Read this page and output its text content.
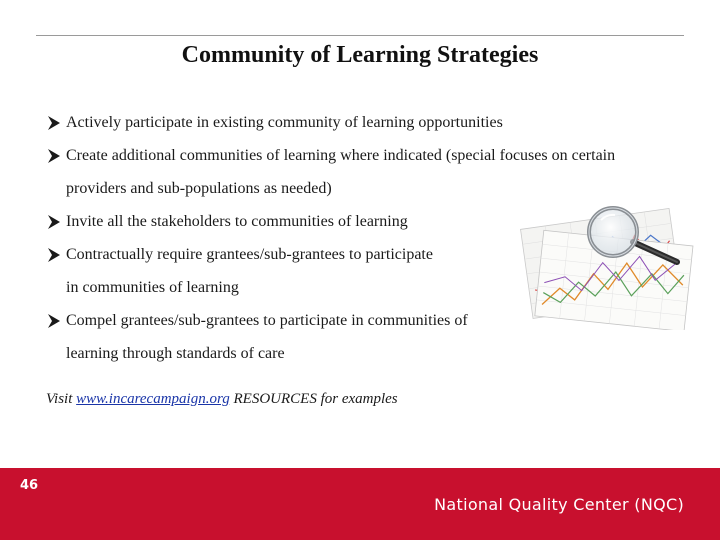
Community of Learning Strategies
Actively participate in existing community of learning opportunities
Create additional communities of learning where indicated (special focuses on certain
providers and sub-populations as needed)
Invite all the stakeholders to communities of learning
Contractually require grantees/sub-grantees to participate
in communities of learning
Compel grantees/sub-grantees to participate in communities of
learning through standards of care
Visit www.incarecampaign.org RESOURCES for examples
46
National Quality Center (NQC)
